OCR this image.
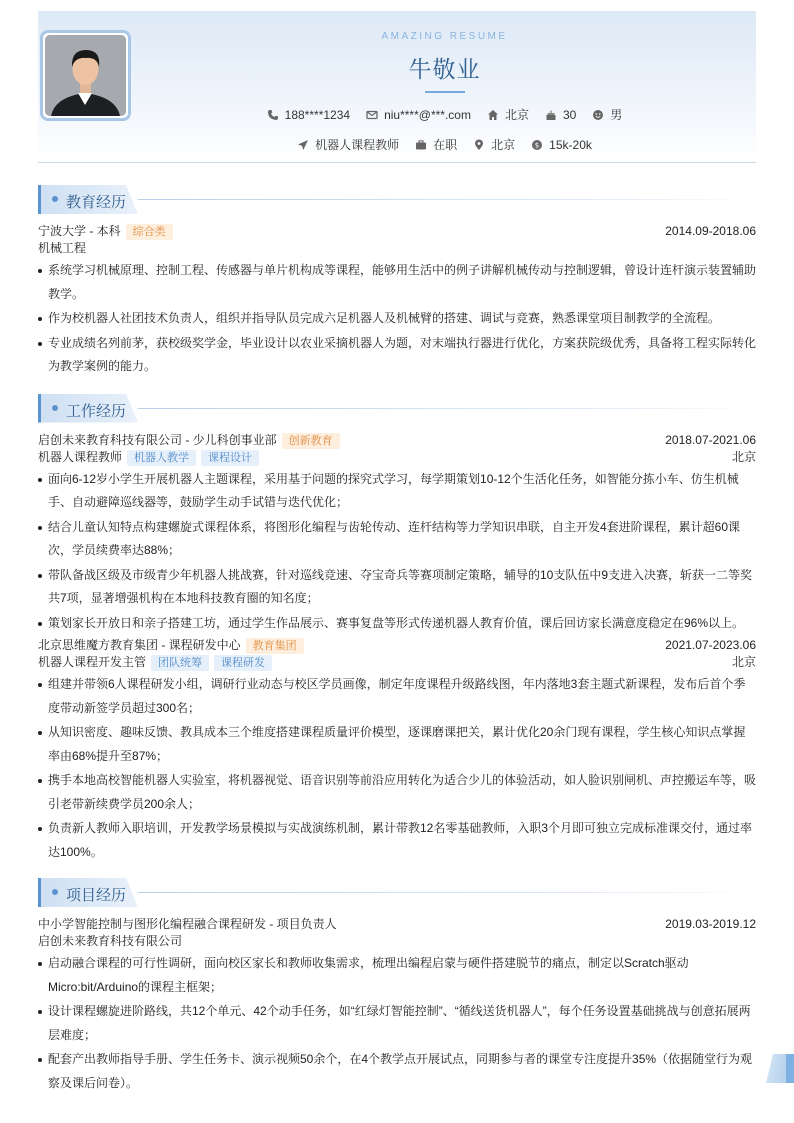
AMAZING RESUME
牛敬业
188****1234	niu****@***.com	北京	30	男
机器人课程教师	在职	北京	$ 15k-20k
教育经历
宁波大学 - 本科 综合类	2014.09-2018.06
机械工程
系统学习机械原理、控制工程、传感器与单片机构成等课程，能够用生活中的例子讲解机械传动与控制逻辑，曾设计连杆演示装置辅助教学。
作为校机器人社团技术负责人，组织并指导队员完成六足机器人及机械臂的搭建、调试与竞赛，熟悉课堂项目制教学的全流程。
专业成绩名列前茅，获校级奖学金，毕业设计以农业采摘机器人为题，对末端执行器进行优化，方案获院级优秀，具备将工程实际转化为教学案例的能力。
工作经历
启创未来教育科技有限公司 - 少儿科创事业部 创新教育	2018.07-2021.06
机器人课程教师 机器人教学 课程设计	北京
面向6-12岁小学生开展机器人主题课程，采用基于问题的探究式学习，每学期策划10-12个生活化任务，如智能分拣小车、仿生机械手、自动避障巡线器等，鼓励学生动手试错与迭代优化；
结合儿童认知特点构建螺旋式课程体系，将图形化编程与齿轮传动、连杆结构等力学知识串联，自主开发4套进阶课程，累计超60课次，学员续费率达88%；
带队备战区级及市级青少年机器人挑战赛，针对巡线竞速、夺宝奇兵等赛项制定策略，辅导的10支队伍中9支进入决赛，斩获一二等奖共7项，显著增强机构在本地科技教育圈的知名度；
策划家长开放日和亲子搭建工坊，通过学生作品展示、赛事复盘等形式传递机器人教育价值，课后回访家长满意度稳定在96%以上。
北京思维魔方教育集团 - 课程研发中心 教育集团	2021.07-2023.06
机器人课程开发主管 团队统筹 课程研发	北京
组建并带领6人课程研发小组，调研行业动态与校区学员画像，制定年度课程升级路线图，年内落地3套主题式新课程，发布后首个季度带动新签学员超过300名；
从知识密度、趣味反馈、教具成本三个维度搭建课程质量评价模型，逐课磨课把关，累计优化20余门现有课程，学生核心知识点掌握率由68%提升至87%；
携手本地高校智能机器人实验室，将机器视觉、语音识别等前沿应用转化为适合少儿的体验活动，如人脸识别闸机、声控搬运车等，吸引老带新续费学员200余人；
负责新人教师入职培训，开发教学场景模拟与实战演练机制，累计带教12名零基础教师，入职3个月即可独立完成标准课交付，通过率达100%。
项目经历
中小学智能控制与图形化编程融合课程研发 - 项目负责人	2019.03-2019.12
启创未来教育科技有限公司
启动融合课程的可行性调研，面向校区家长和教师收集需求，梳理出编程启蒙与硬件搭建脱节的痛点，制定以Scratch驱动Micro:bit/Arduino的课程主框架；
设计课程螺旋进阶路线，共12个单元、42个动手任务，如“红绿灯智能控制”、“循线送货机器人”，每个任务设置基础挑战与创意拓展两层难度；
配套产出教师指导手册、学生任务卡、演示视频50余个，在4个教学点开展试点，同期参与者的课堂专注度提升35%（依据随堂行为观察及课后问卷）。
